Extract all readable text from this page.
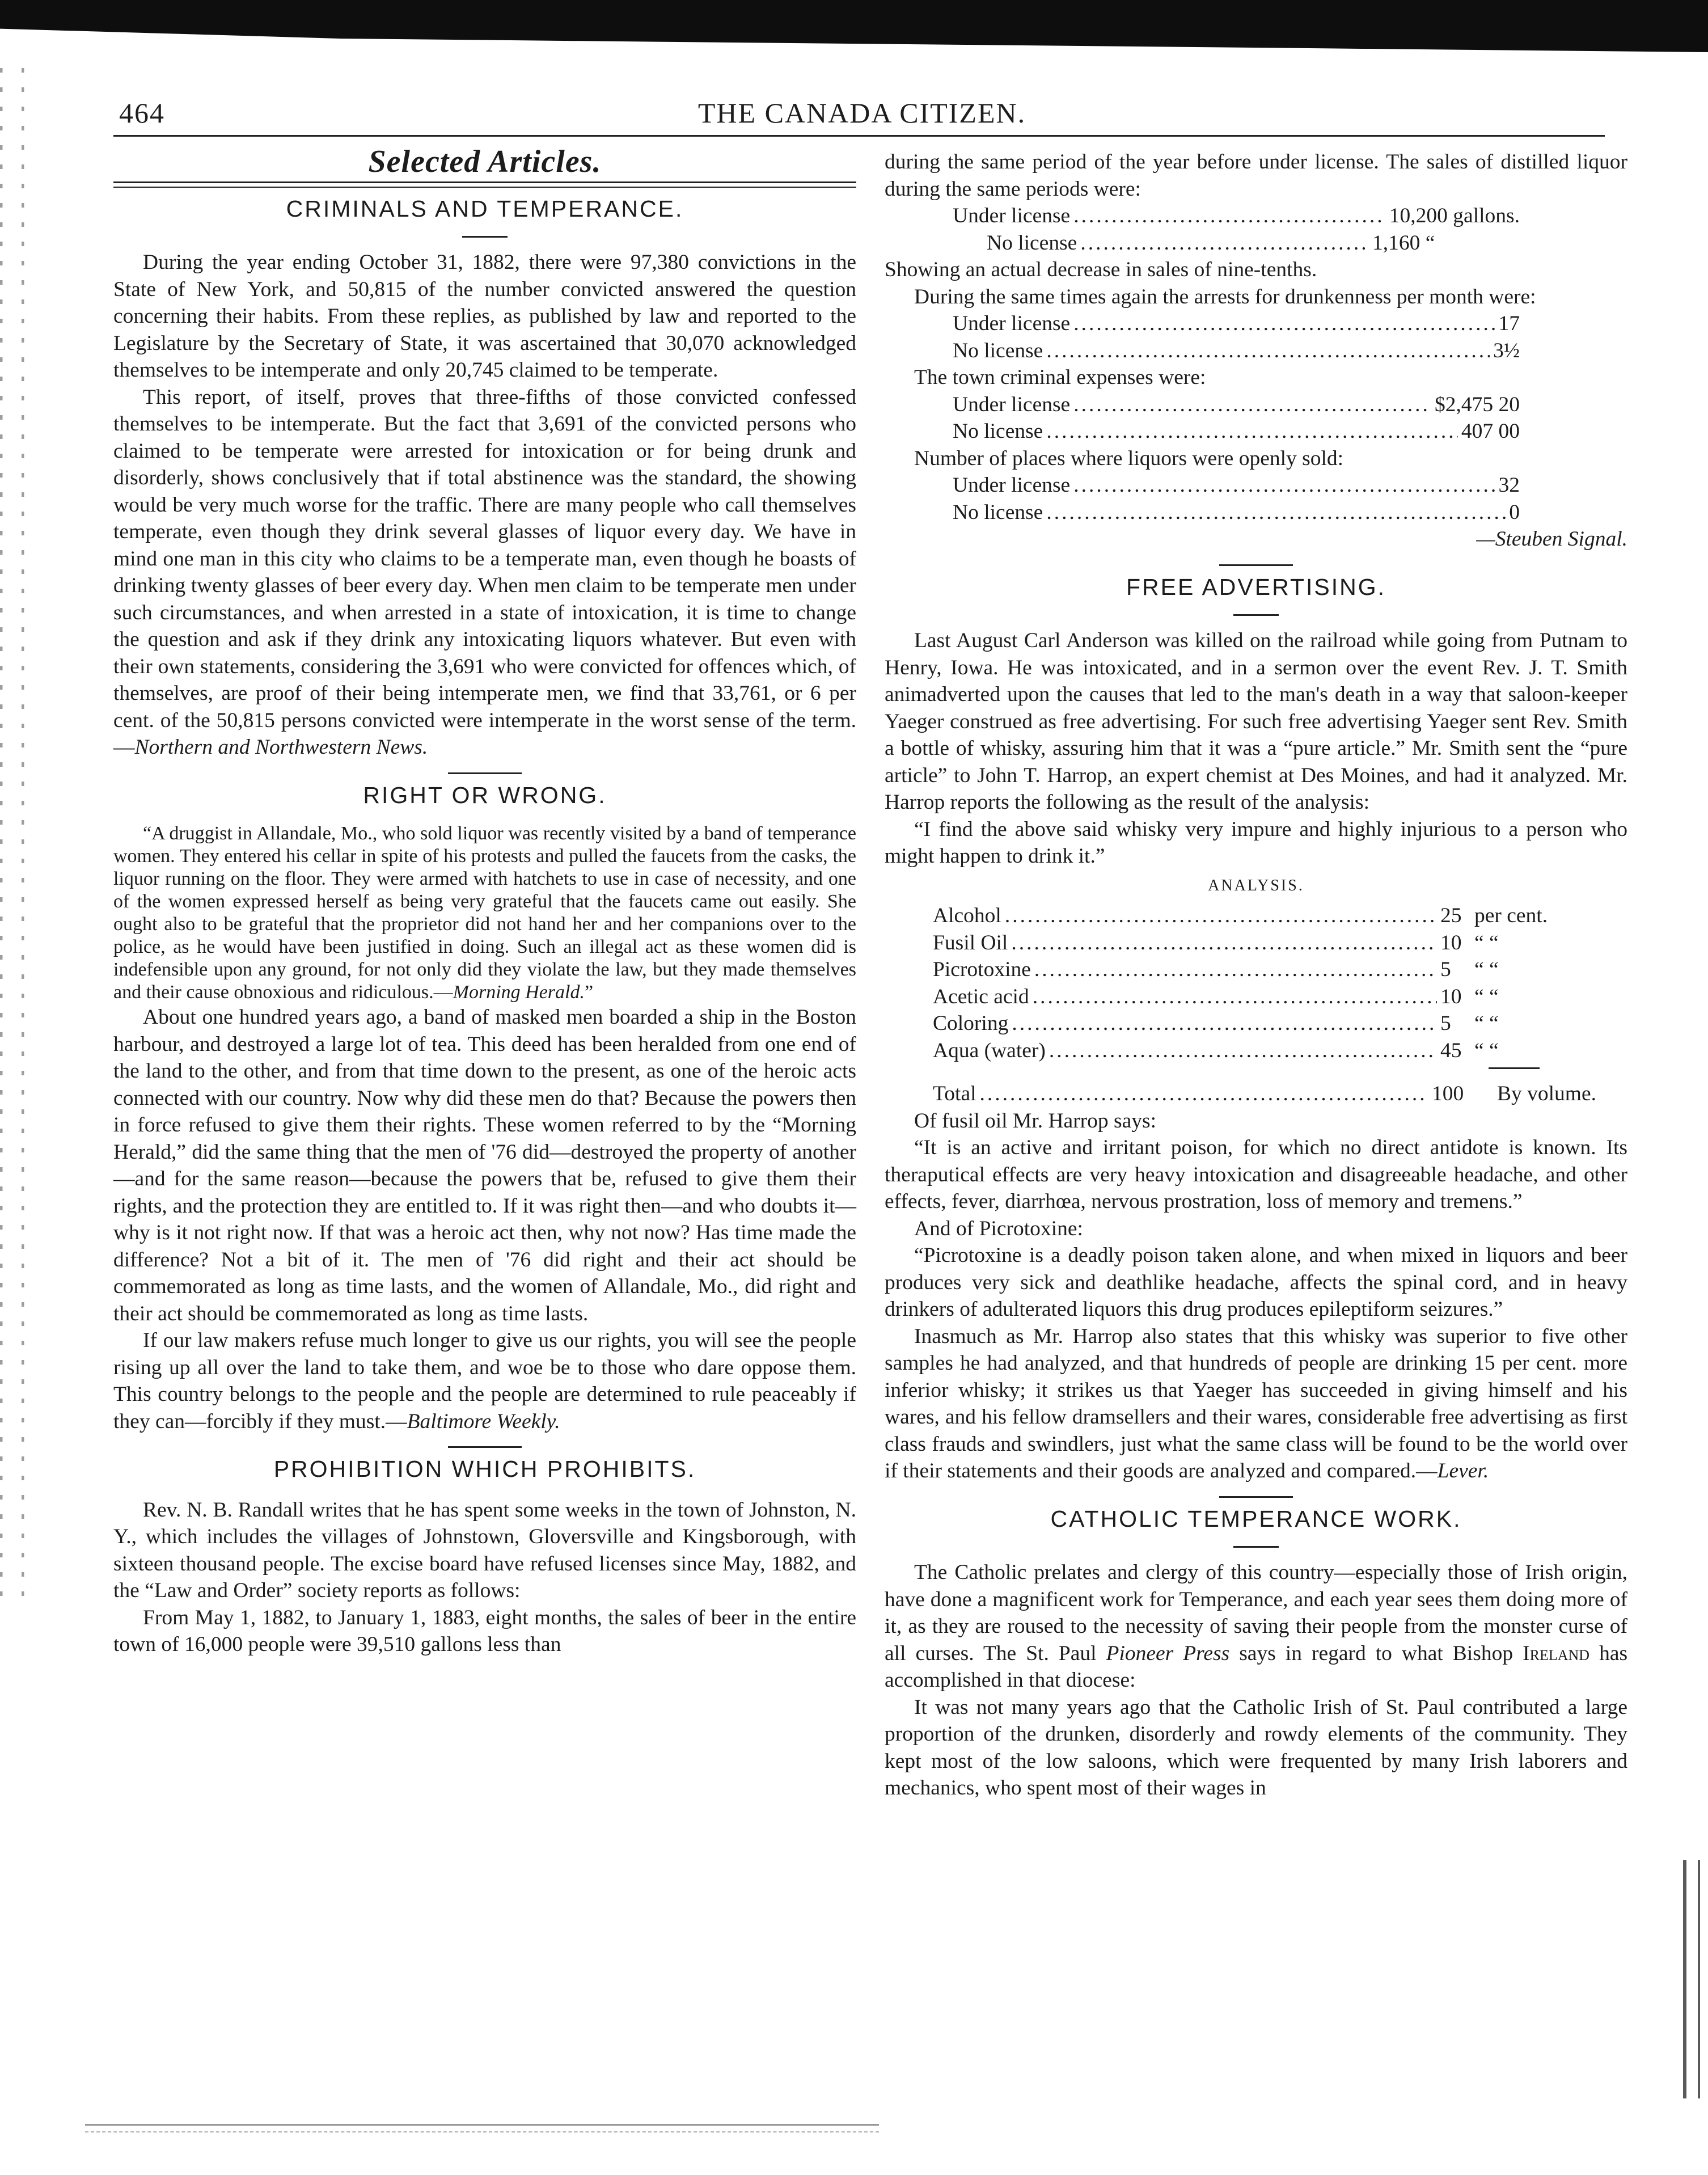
464	THE CANADA CITIZEN.
Selected Articles.
CRIMINALS AND TEMPERANCE.

During the year ending October 31, 1882, there were 97,380 convictions in the State of New York, and 50,815 of the number convicted answered the question concerning their habits. From these replies, as published by law and reported to the Legislature by the Secretary of State, it was ascertained that 30,070 acknowledged themselves to be intemperate and only 20,745 claimed to be temperate.

This report, of itself, proves that three-fifths of those convicted confessed themselves to be intemperate. But the fact that 3,691 of the convicted persons who claimed to be temperate were arrested for intoxication or for being drunk and disorderly, shows conclusively that if total abstinence was the standard, the showing would be very much worse for the traffic. There are many people who call themselves temperate, even though they drink several glasses of liquor every day. We have in mind one man in this city who claims to be a temperate man, even though he boasts of drinking twenty glasses of beer every day. When men claim to be temperate men under such circumstances, and when arrested in a state of intoxication, it is time to change the question and ask if they drink any intoxicating liquors whatever. But even with their own statements, considering the 3,691 who were convicted for offences which, of themselves, are proof of their being intemperate men, we find that 33,761, or 6 per cent. of the 50,815 persons convicted were intemperate in the worst sense of the term.—Northern and Northwestern News.

RIGHT OR WRONG.

“A druggist in Allandale, Mo., who sold liquor was recently visited by a band of temperance women. They entered his cellar in spite of his protests and pulled the faucets from the casks, the liquor running on the floor. They were armed with hatchets to use in case of necessity, and one of the women expressed herself as being very grateful that the faucets came out easily. She ought also to be grateful that the proprietor did not hand her and her companions over to the police, as he would have been justified in doing. Such an illegal act as these women did is indefensible upon any ground, for not only did they violate the law, but they made themselves and their cause obnoxious and ridiculous.—Morning Herald.”

About one hundred years ago, a band of masked men boarded a ship in the Boston harbour, and destroyed a large lot of tea. This deed has been heralded from one end of the land to the other, and from that time down to the present, as one of the heroic acts connected with our country. Now why did these men do that? Because the powers then in force refused to give them their rights. These women referred to by the “Morning Herald,” did the same thing that the men of '76 did—destroyed the property of another—and for the same reason—because the powers that be, refused to give them their rights, and the protection they are entitled to. If it was right then—and who doubts it—why is it not right now. If that was a heroic act then, why not now? Has time made the difference? Not a bit of it. The men of '76 did right and their act should be commemorated as long as time lasts, and the women of Allandale, Mo., did right and their act should be commemorated as long as time lasts.

If our law makers refuse much longer to give us our rights, you will see the people rising up all over the land to take them, and woe be to those who dare oppose them. This country belongs to the people and the people are determined to rule peaceably if they can—forcibly if they must.—Baltimore Weekly.

PROHIBITION WHICH PROHIBITS.

Rev. N. B. Randall writes that he has spent some weeks in the town of Johnston, N. Y., which includes the villages of Johnstown, Gloversville and Kingsborough, with sixteen thousand people. The excise board have refused licenses since May, 1882, and the “Law and Order” society reports as follows:

From May 1, 1882, to January 1, 1883, eight months, the sales of beer in the entire town of 16,000 people were 39,510 gallons less than

during the same period of the year before under license. The sales of distilled liquor during the same periods were:

Under license .....	10,200 gallons.
No license .....	1,160 “

Showing an actual decrease in sales of nine-tenths.

During the same times again the arrests for drunkenness per month were:

Under license .....	17
No license .....	3½

The town criminal expenses were:

Under license .....	$2,475 20
No license .....	407 00

Number of places where liquors were openly sold:

Under license .....	32
No license .....	0
—Steuben Signal.
FREE ADVERTISING.

Last August Carl Anderson was killed on the railroad while going from Putnam to Henry, Iowa. He was intoxicated, and in a sermon over the event Rev. J. T. Smith animadverted upon the causes that led to the man's death in a way that saloon-keeper Yaeger construed as free advertising. For such free advertising Yaeger sent Rev. Smith a bottle of whisky, assuring him that it was a “pure article.” Mr. Smith sent the “pure article” to John T. Harrop, an expert chemist at Des Moines, and had it analyzed. Mr. Harrop reports the following as the result of the analysis:

“I find the above said whisky very impure and highly injurious to a person who might happen to drink it.”

ANALYSIS.
Alcohol .....	25 per cent.
Fusil Oil .....	10 “ “
Picrotoxine .....	5	“ “
Acetic acid .....	10 “ “
Coloring .....	5	“ “
Aqua (water) .....	45 “ “
Total .....	100	By volume.

Of fusil oil Mr. Harrop says:

“It is an active and irritant poison, for which no direct antidote is known. Its theraputical effects are very heavy intoxication and disagreeable headache, and other effects, fever, diarrhœa, nervous prostration, loss of memory and tremens.”

And of Picrotoxine:

“Picrotoxine is a deadly poison taken alone, and when mixed in liquors and beer produces very sick and deathlike headache, affects the spinal cord, and in heavy drinkers of adulterated liquors this drug produces epileptiform seizures.”

Inasmuch as Mr. Harrop also states that this whisky was superior to five other samples he had analyzed, and that hundreds of people are drinking 15 per cent. more inferior whisky; it strikes us that Yaeger has succeeded in giving himself and his wares, and his fellow dramsellers and their wares, considerable free advertising as first class frauds and swindlers, just what the same class will be found to be the world over if their statements and their goods are analyzed and compared.—Lever.

CATHOLIC TEMPERANCE WORK.

The Catholic prelates and clergy of this country—especially those of Irish origin, have done a magnificent work for Temperance, and each year sees them doing more of it, as they are roused to the necessity of saving their people from the monster curse of all curses. The St. Paul Pioneer Press says in regard to what Bishop Ireland has accomplished in that diocese:

It was not many years ago that the Catholic Irish of St. Paul contributed a large proportion of the drunken, disorderly and rowdy elements of the community. They kept most of the low saloons, which were frequented by many Irish laborers and mechanics, who spent most of their wages in
